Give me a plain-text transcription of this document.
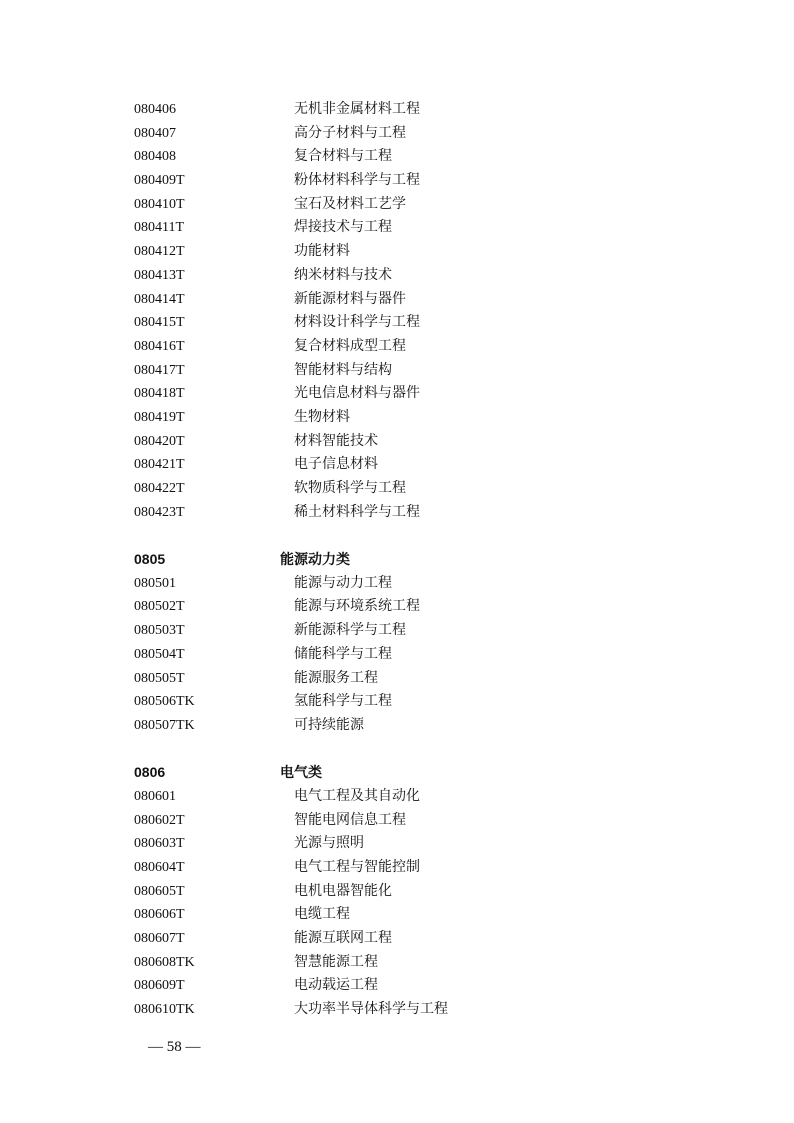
080406	无机非金属材料工程
080407	高分子材料与工程
080408	复合材料与工程
080409T	粉体材料科学与工程
080410T	宝石及材料工艺学
080411T	焊接技术与工程
080412T	功能材料
080413T	纳米材料与技术
080414T	新能源材料与器件
080415T	材料设计科学与工程
080416T	复合材料成型工程
080417T	智能材料与结构
080418T	光电信息材料与器件
080419T	生物材料
080420T	材料智能技术
080421T	电子信息材料
080422T	软物质科学与工程
080423T	稀土材料科学与工程
0805	能源动力类
080501	能源与动力工程
080502T	能源与环境系统工程
080503T	新能源科学与工程
080504T	储能科学与工程
080505T	能源服务工程
080506TK	氢能科学与工程
080507TK	可持续能源
0806	电气类
080601	电气工程及其自动化
080602T	智能电网信息工程
080603T	光源与照明
080604T	电气工程与智能控制
080605T	电机电器智能化
080606T	电缆工程
080607T	能源互联网工程
080608TK	智慧能源工程
080609T	电动载运工程
080610TK	大功率半导体科学与工程
— 58 —
